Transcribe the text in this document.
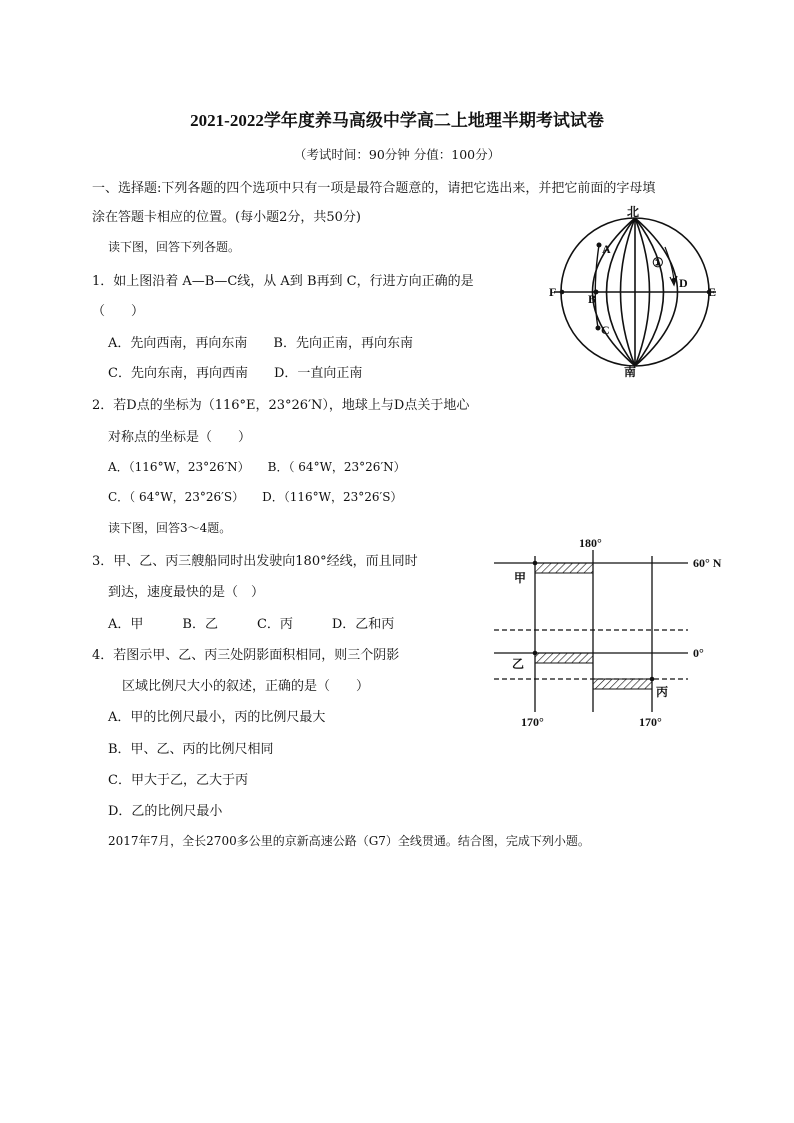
2021-2022学年度养马高级中学高二上地理半期考试试卷
（考试时间：90分钟 分值：100分）
一、选择题:下列各题的四个选项中只有一项是最符合题意的，请把它选出来，并把它前面的字母填
涂在答题卡相应的位置。(每小题2分，共50分)
读下图，回答下列各题。
1．如上图沿着 A—B—C线，从 A到 B再到 C，行进方向正确的是
（　　）
A．先向西南，再向东南　　B．先向正南，再向东南
C．先向东南，再向西南　　D．一直向正南
2．若D点的坐标为（116°E，23°26′N），地球上与D点关于地心
对称点的坐标是（　　）
A．（116°W，23°26′N）　　B．（ 64°W，23°26′N）
C．（ 64°W，23°26′S）　　D．（116°W，23°26′S）
读下图，回答3～4题。
3．甲、乙、丙三艘船同时出发驶向180°经线，而且同时
到达，速度最快的是（　）
A．甲　　　B．乙　　　C．丙　　　D．乙和丙
4．若图示甲、乙、丙三处阴影面积相同，则三个阴影
区域比例尺大小的叙述，正确的是（　　）
A．甲的比例尺最小，丙的比例尺最大
B．甲、乙、丙的比例尺相同
C．甲大于乙，乙大于丙
D．乙的比例尺最小
2017年7月，全长2700多公里的京新高速公路（G7）全线贯通。结合图，完成下列小题。
北
南
A
B
C
D
E
F
①
180°
60° N
0°
170°	170°
甲
乙
丙
